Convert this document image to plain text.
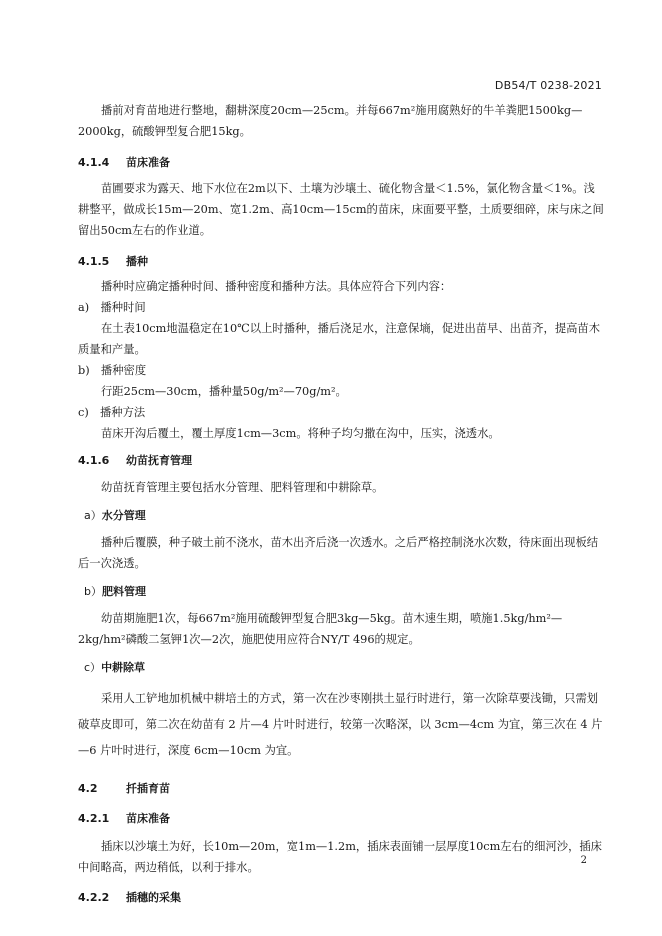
DB54/T 0238-2021

播前对育苗地进行整地，翻耕深度20cm—25cm。并每667m²施用腐熟好的牛羊粪肥1500kg—2000kg，硫酸钾型复合肥15kg。

4.1.4 苗床准备

苗圃要求为露天、地下水位在2m以下、土壤为沙壤土、硫化物含量＜1.5%，氯化物含量＜1%。浅耕整平，做成长15m—20m、宽1.2m、高10cm—15cm的苗床，床面要平整，土质要细碎，床与床之间留出50cm左右的作业道。

4.1.5 播种

播种时应确定播种时间、播种密度和播种方法。具体应符合下列内容：

a)　播种时间

在土表10cm地温稳定在10℃以上时播种，播后浇足水，注意保墒，促进出苗早、出苗齐，提高苗木质量和产量。

b)　播种密度

行距25cm—30cm，播种量50g/m²—70g/m²。

c)　播种方法

苗床开沟后覆土，覆土厚度1cm—3cm。将种子均匀撒在沟中，压实，浇透水。

4.1.6 幼苗抚育管理

幼苗抚育管理主要包括水分管理、肥料管理和中耕除草。

a）水分管理

播种后覆膜，种子破土前不浇水，苗木出齐后浇一次透水。之后严格控制浇水次数，待床面出现板结后一次浇透。

b）肥料管理

幼苗期施肥1次，每667m²施用硫酸钾型复合肥3kg—5kg。苗木速生期，喷施1.5kg/hm²—2kg/hm²磷酸二氢钾1次—2次，施肥使用应符合NY/T 496的规定。

c）中耕除草

采用人工铲地加机械中耕培土的方式，第一次在沙枣刚拱土显行时进行，第一次除草要浅锄，只需划破草皮即可，第二次在幼苗有 2 片—4 片叶时进行，较第一次略深，以 3cm—4cm 为宜，第三次在 4 片—6 片叶时进行，深度 6cm—10cm 为宜。

4.2	扦插育苗

4.2.1 苗床准备

插床以沙壤土为好，长10m—20m，宽1m—1.2m，插床表面铺一层厚度10cm左右的细河沙，插床中间略高，两边稍低，以利于排水。

4.2.2 插穗的采集

2
